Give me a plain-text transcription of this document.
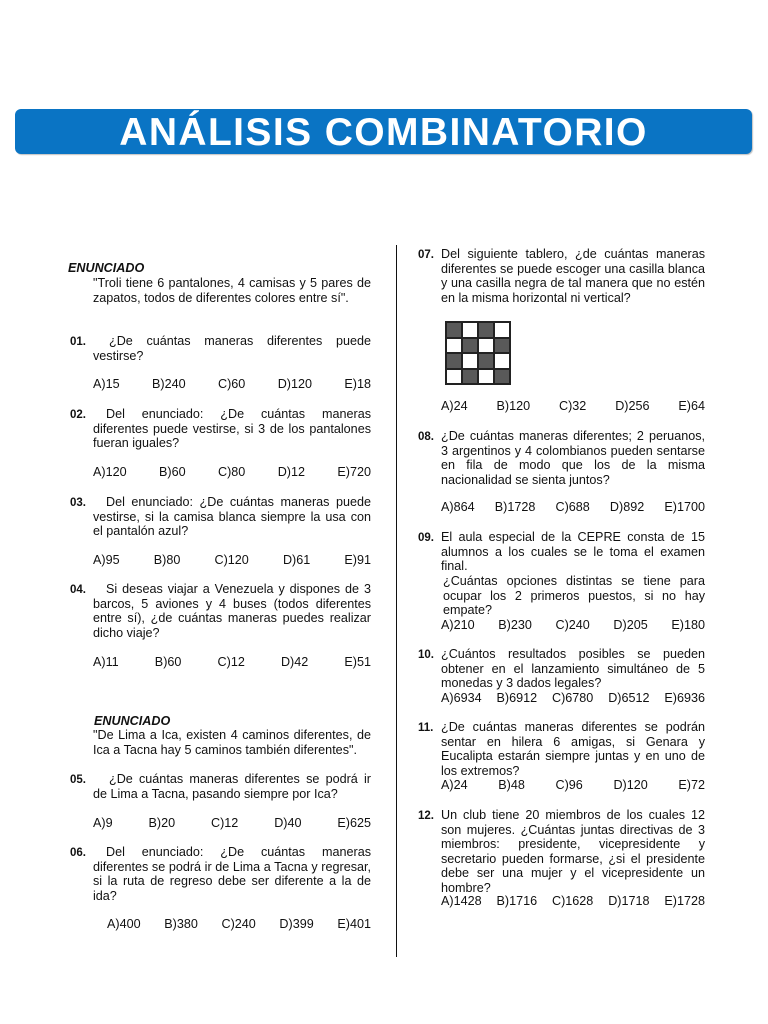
ANÁLISIS COMBINATORIO
ENUNCIADO
"Troli tiene 6 pantalones, 4 camisas y 5 pares de zapatos, todos de diferentes colores entre sí".
01.	¿De cuántas maneras diferentes puede vestirse?
A)15	B)240	C)60	D)120	E)18
02.	Del enunciado: ¿De cuántas maneras diferentes puede vestirse, si 3 de los pantalones fueran iguales?
A)120	B)60	C)80	D)12	E)720
03.	Del enunciado: ¿De cuántas maneras puede vestirse, si la camisa blanca siempre la usa con el pantalón azul?
A)95	B)80	C)120	D)61	E)91
04.	Si deseas viajar a Venezuela y dispones de 3 barcos, 5 aviones y 4 buses (todos diferentes entre sí), ¿de cuántas maneras puedes realizar dicho viaje?
A)11	B)60	C)12	D)42	E)51
ENUNCIADO
"De Lima a Ica, existen 4 caminos diferentes, de Ica a Tacna hay 5 caminos también diferentes".
05.	¿De cuántas maneras diferentes se podrá ir de Lima a Tacna, pasando siempre por Ica?
A)9	B)20	C)12	D)40	E)625
06.	Del enunciado: ¿De cuántas maneras diferentes se podrá ir de Lima a Tacna y regresar, si la ruta de regreso debe ser diferente a la de ida?
A)400 B)380 C)240 D)399 E)401
07. Del siguiente tablero, ¿de cuántas maneras diferentes se puede escoger una casilla blanca y una casilla negra de tal manera que no estén en la misma horizontal ni vertical?
A)24 B)120 C)32 D)256 E)64
08. ¿De cuántas maneras diferentes; 2 peruanos, 3 argentinos y 4 colombianos pueden sentarse en fila de modo que los de la misma nacionalidad se sienta juntos?
A)864 B)1728 C)688 D)892 E)1700
09. El aula especial de la CEPRE consta de 15 alumnos a los cuales se le toma el examen final.
¿Cuántas opciones distintas se tiene para ocupar los 2 primeros puestos, si no hay empate?
A)210 B)230 C)240 D)205 E)180
10. ¿Cuántos resultados posibles se pueden obtener en el lanzamiento simultáneo de 5 monedas y 3 dados legales?
A)6934 B)6912 C)6780 D)6512 E)6936
11. ¿De cuántas maneras diferentes se podrán sentar en hilera 6 amigas, si Genara y Eucalipta estarán siempre juntas y en uno de los extremos?
A)24 B)48 C)96 D)120 E)72
12. Un club tiene 20 miembros de los cuales 12 son mujeres. ¿Cuántas juntas directivas de 3 miembros: presidente, vicepresidente y secretario pueden formarse, ¿si el presidente debe ser una mujer y el vicepresidente un hombre?
A)1428 B)1716 C)1628 D)1718 E)1728
